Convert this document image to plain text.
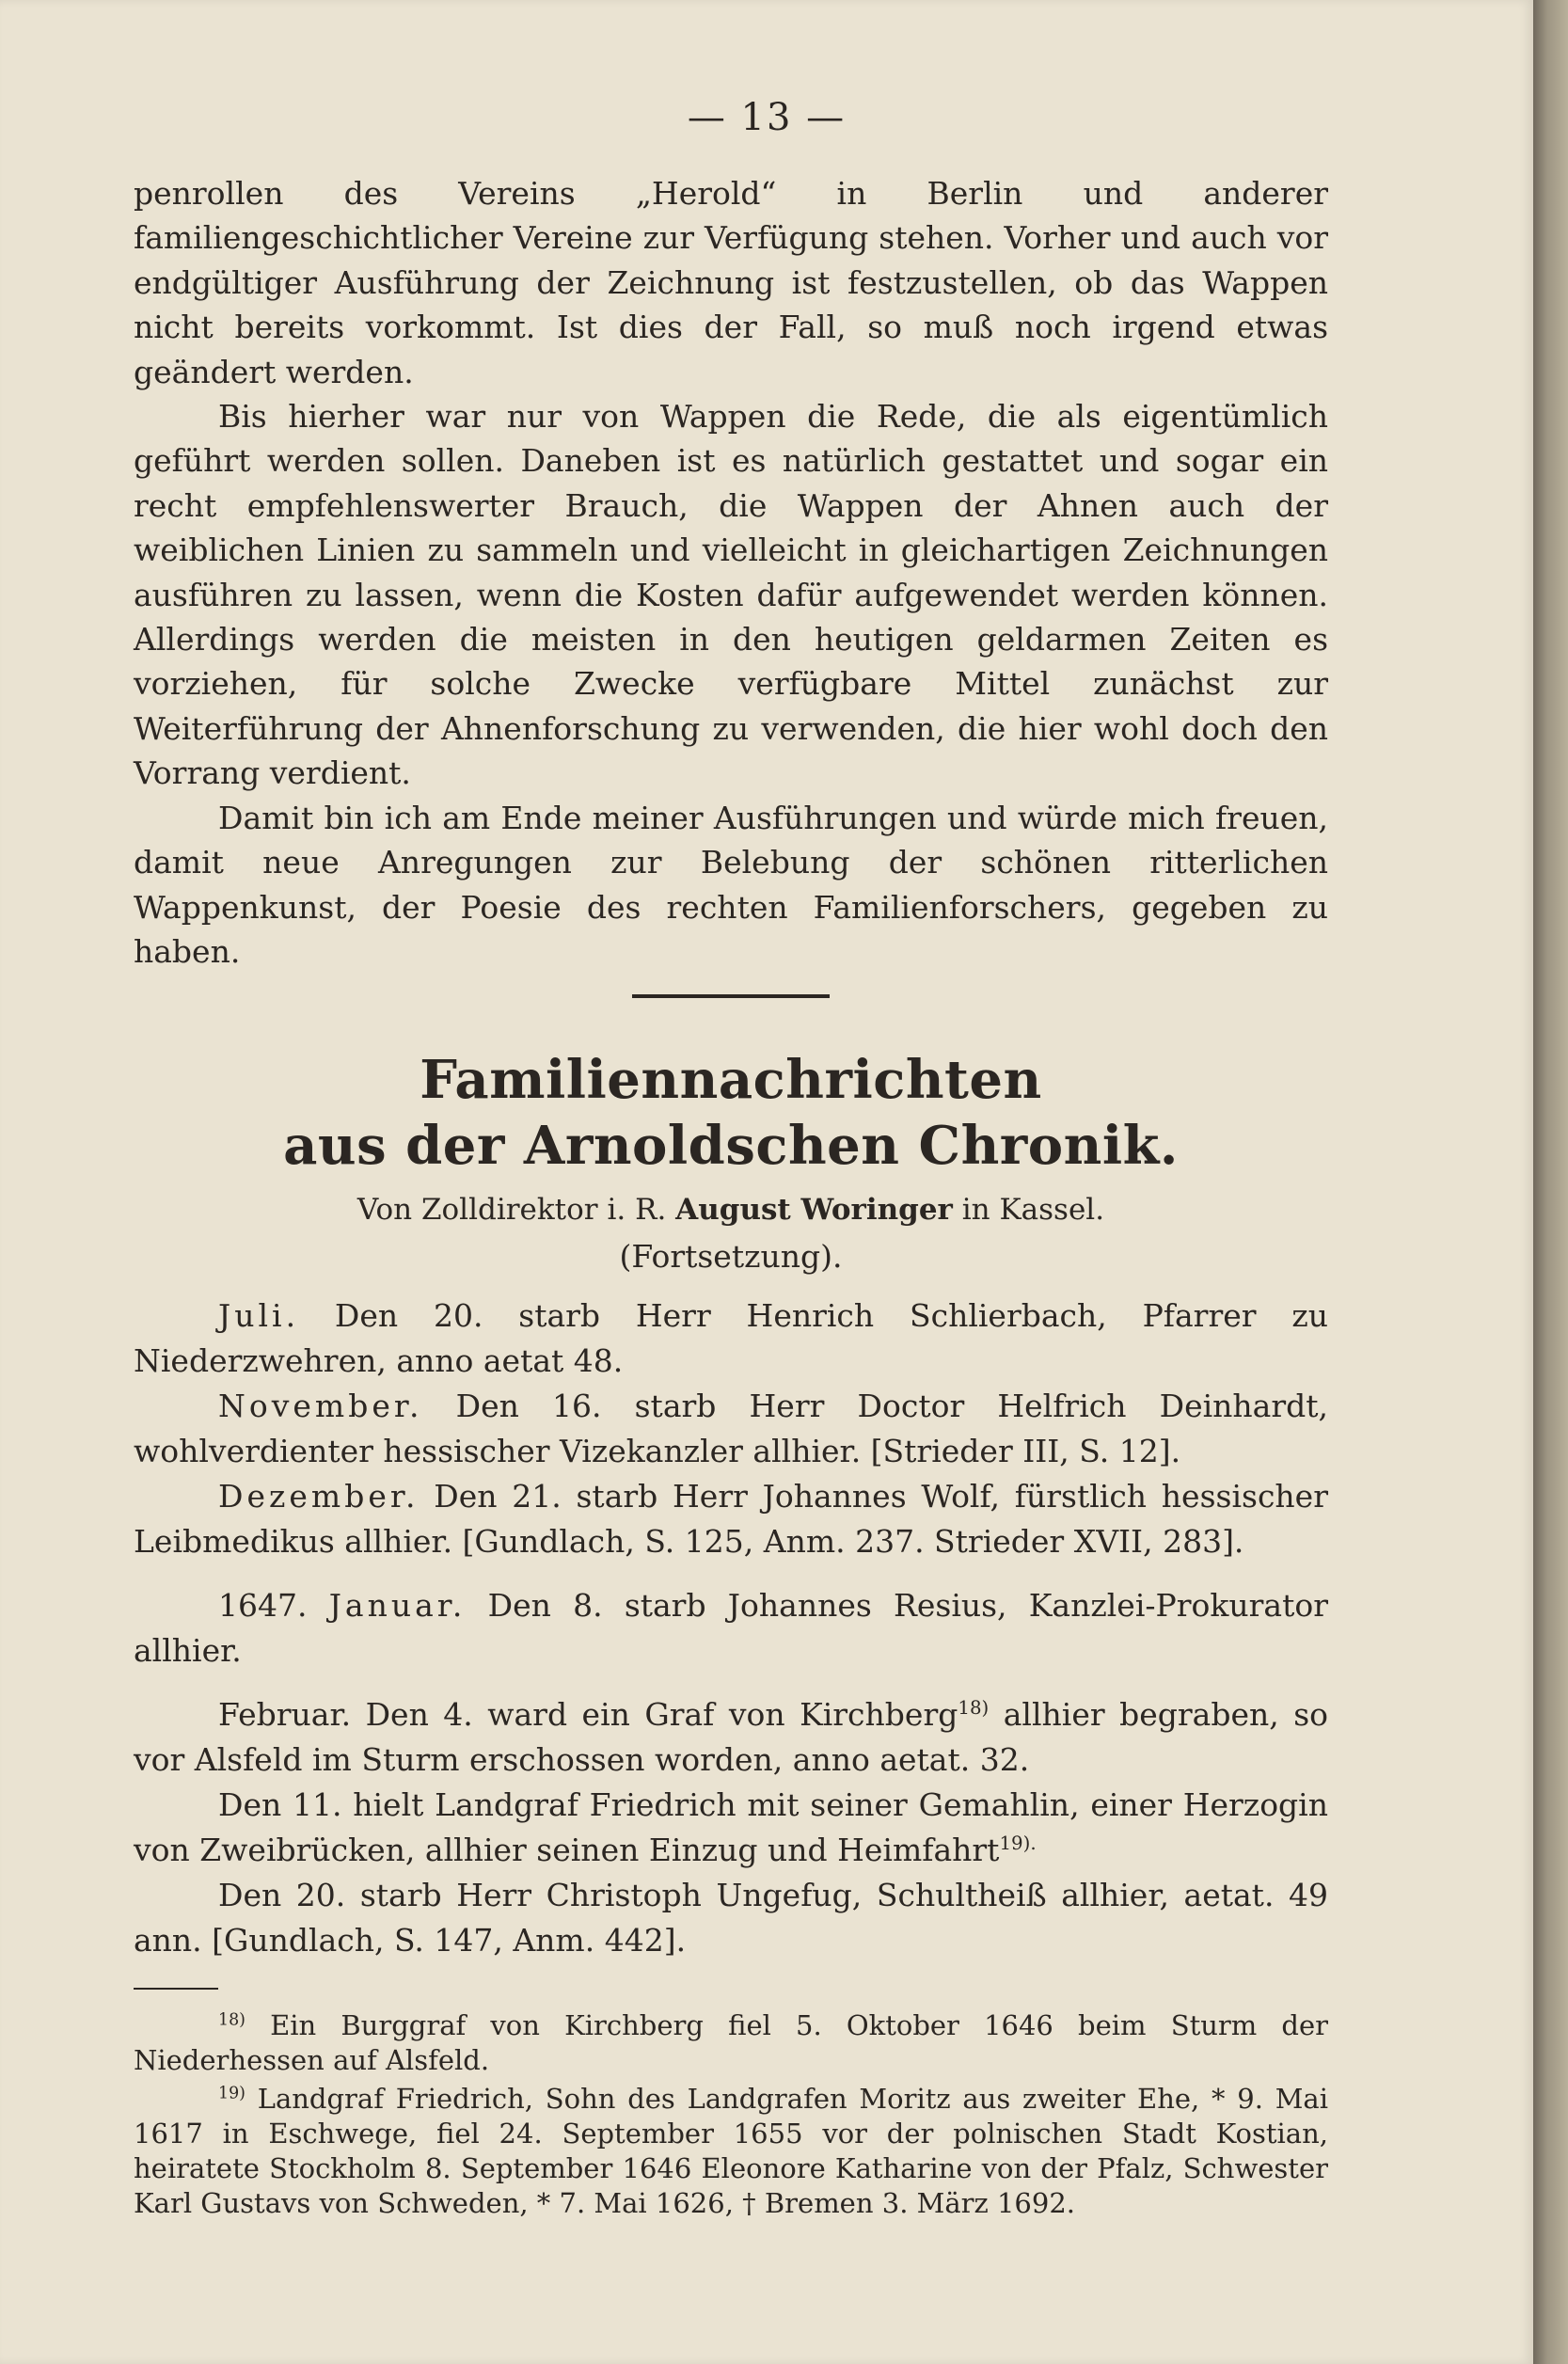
— 13 —

penrollen des Vereins „Herold“ in Berlin und anderer familiengeschichtlicher Vereine zur Verfügung stehen. Vorher und auch vor endgültiger Ausführung der Zeichnung ist festzustellen, ob das Wappen nicht bereits vorkommt. Ist dies der Fall, so muß noch irgend etwas geändert werden.

Bis hierher war nur von Wappen die Rede, die als eigentümlich geführt werden sollen. Daneben ist es natürlich gestattet und sogar ein recht empfehlenswerter Brauch, die Wappen der Ahnen auch der weiblichen Linien zu sammeln und vielleicht in gleichartigen Zeichnungen ausführen zu lassen, wenn die Kosten dafür aufgewendet werden können. Allerdings werden die meisten in den heutigen geldarmen Zeiten es vorziehen, für solche Zwecke verfügbare Mittel zunächst zur Weiterführung der Ahnenforschung zu verwenden, die hier wohl doch den Vorrang verdient.

Damit bin ich am Ende meiner Ausführungen und würde mich freuen, damit neue Anregungen zur Belebung der schönen ritterlichen Wappenkunst, der Poesie des rechten Familienforschers, gegeben zu haben.

Familiennachrichten
aus der Arnoldschen Chronik.
Von Zolldirektor i. R. August Woringer in Kassel.
(Fortsetzung).

Juli. Den 20. starb Herr Henrich Schlierbach, Pfarrer zu Niederzwehren, anno aetat 48.

November. Den 16. starb Herr Doctor Helfrich Deinhardt, wohlverdienter hessischer Vizekanzler allhier. [Strieder III, S. 12].

Dezember. Den 21. starb Herr Johannes Wolf, fürstlich hessischer Leibmedikus allhier. [Gundlach, S. 125, Anm. 237. Strieder XVII, 283].

1647. Januar. Den 8. starb Johannes Resius, Kanzlei-Prokurator allhier.

Februar. Den 4. ward ein Graf von Kirchberg$^{18)}$ allhier begraben, so vor Alsfeld im Sturm erschossen worden, anno aetat. 32.

Den 11. hielt Landgraf Friedrich mit seiner Gemahlin, einer Herzogin von Zweibrücken, allhier seinen Einzug und Heimfahrt$^{19).}$

Den 20. starb Herr Christoph Ungefug, Schultheiß allhier, aetat. 49 ann. [Gundlach, S. 147, Anm. 442].

$^{18)}$ Ein Burggraf von Kirchberg fiel 5. Oktober 1646 beim Sturm der Niederhessen auf Alsfeld.

$^{19)}$ Landgraf Friedrich, Sohn des Landgrafen Moritz aus zweiter Ehe, * 9. Mai 1617 in Eschwege, fiel 24. September 1655 vor der polnischen Stadt Kostian, heiratete Stockholm 8. September 1646 Eleonore Katharine von der Pfalz, Schwester Karl Gustavs von Schweden, * 7. Mai 1626, † Bremen 3. März 1692.
